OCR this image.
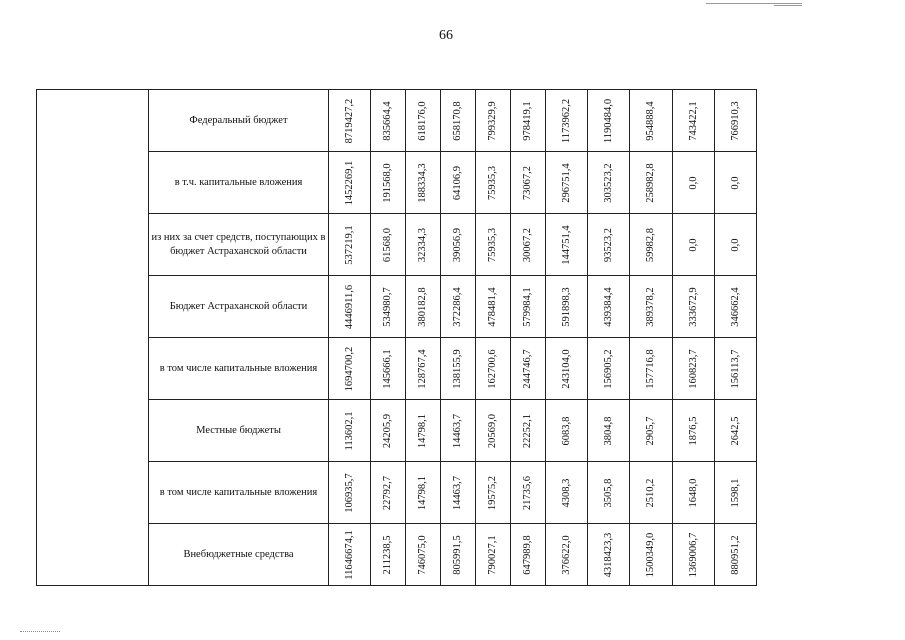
66
	Федеральный бюджет	8719427,2	835664,4	618176,0	658170,8	799329,9	978419,1	1173962,2	1190484,0	954888,4	743422,1	766910,3

	в т.ч. капитальные вложения	1452269,1	191568,0	188334,3	64106,9	75935,3	73067,2	296751,4	303523,2	258982,8	0,0	0,0

	из них за счет средств, поступающих в бюджет Астраханской области	537219,1	61568,0	32334,3	39056,9	75935,3	30067,2	144751,4	93523,2	59982,8	0,0	0,0

	Бюджет Астраханской области	4446911,6	534980,7	380182,8	372286,4	478481,4	579984,1	591898,3	439384,4	389378,2	333672,9	346662,4

	в том числе капитальные вложения	1694700,2	145666,1	128767,4	138155,9	162700,6	244746,7	243104,0	156905,2	157716,8	160823,7	156113,7

	Местные бюджеты	113602,1	24205,9	14798,1	14463,7	20569,0	22252,1	6083,8	3804,8	2905,7	1876,5	2642,5

	в том числе капитальные вложения	106935,7	22792,7	14798,1	14463,7	19575,2	21735,6	4308,3	3505,8	2510,2	1648,0	1598,1

	Внебюджетные средства	11646674,1	211238,5	746075,0	805991,5	790027,1	647989,8	376622,0	4318423,3	1500349,0	1369006,7	880951,2
